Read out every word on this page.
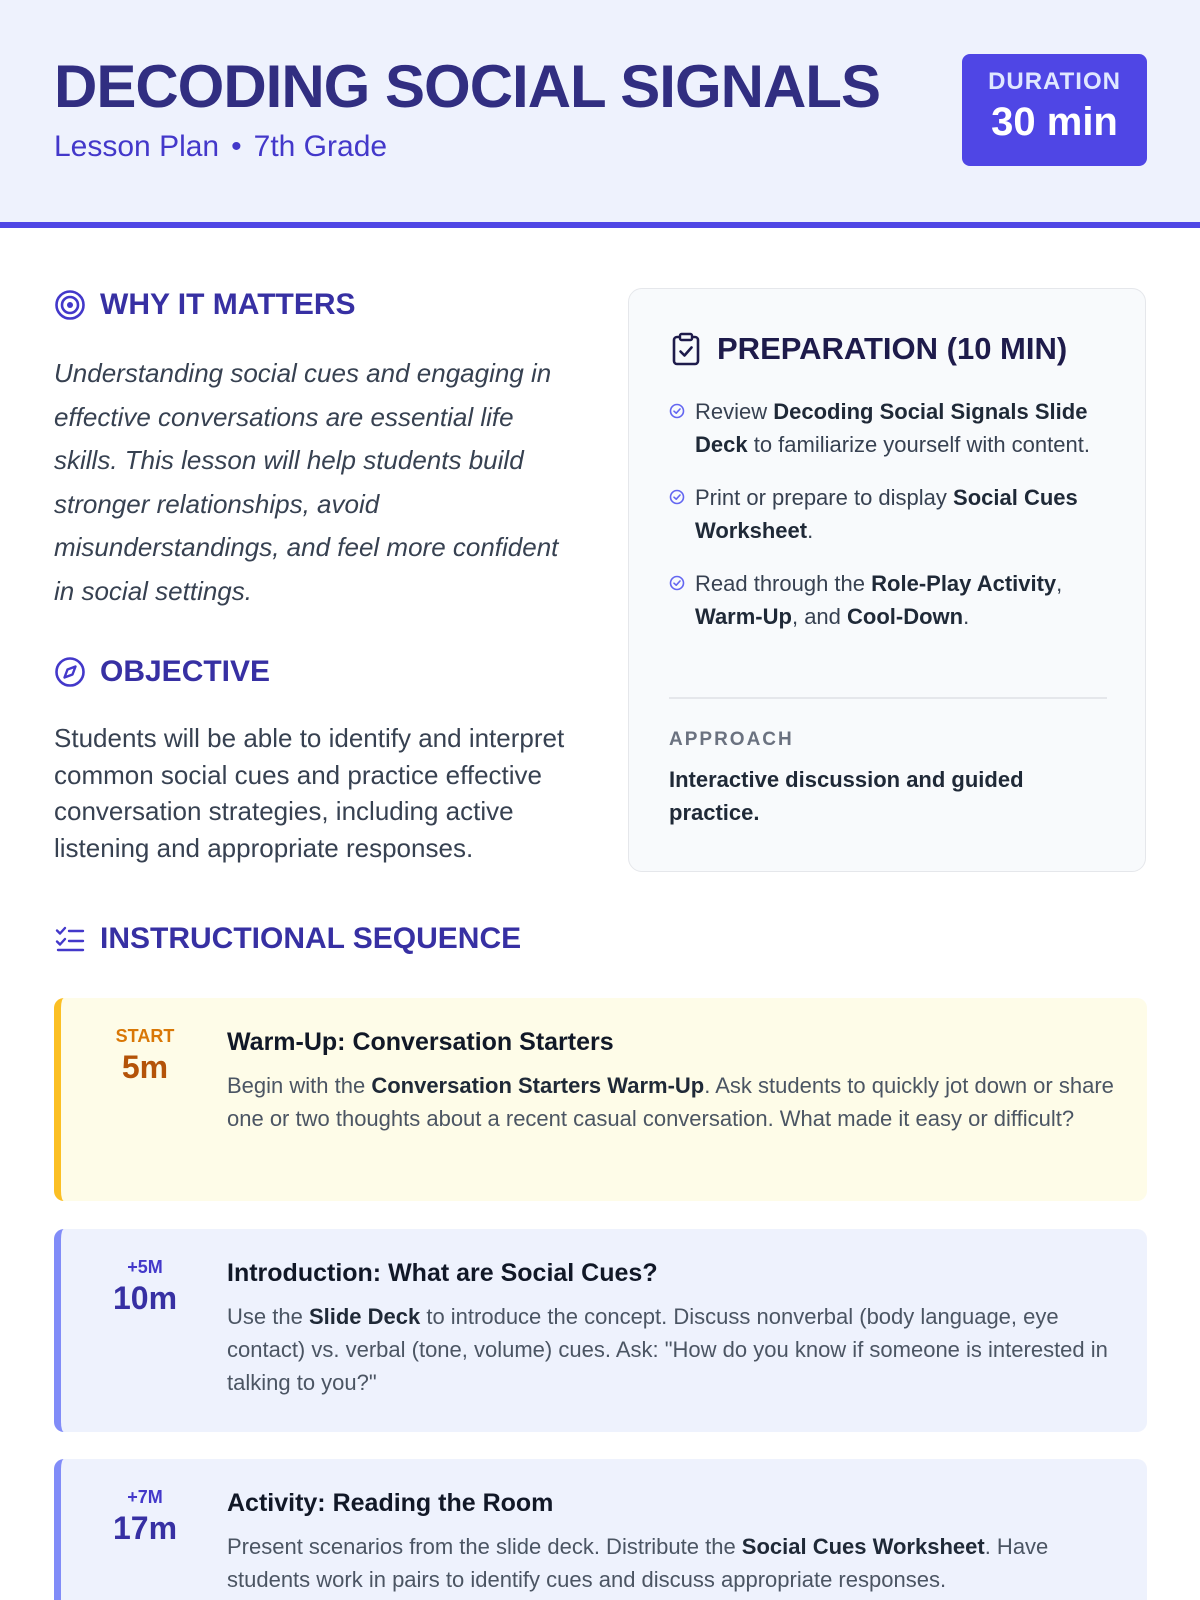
DECODING SOCIAL SIGNALS
Lesson Plan • 7th Grade
DURATION
30 min
WHY IT MATTERS
Understanding social cues and engaging in effective conversations are essential life skills. This lesson will help students build stronger relationships, avoid misunderstandings, and feel more confident in social settings.
OBJECTIVE
Students will be able to identify and interpret common social cues and practice effective conversation strategies, including active listening and appropriate responses.
PREPARATION (10 MIN)
Review Decoding Social Signals Slide Deck to familiarize yourself with content.
Print or prepare to display Social Cues Worksheet.
Read through the Role-Play Activity, Warm-Up, and Cool-Down.
APPROACH
Interactive discussion and guided practice.
INSTRUCTIONAL SEQUENCE
START
5m
Warm-Up: Conversation Starters

Begin with the Conversation Starters Warm-Up. Ask students to quickly jot down or share one or two thoughts about a recent casual conversation. What made it easy or difficult?

+5M
10m
Introduction: What are Social Cues?

Use the Slide Deck to introduce the concept. Discuss nonverbal (body language, eye contact) vs. verbal (tone, volume) cues. Ask: "How do you know if someone is interested in talking to you?"

+7M
17m
Activity: Reading the Room

Present scenarios from the slide deck. Distribute the Social Cues Worksheet. Have students work in pairs to identify cues and discuss appropriate responses.
